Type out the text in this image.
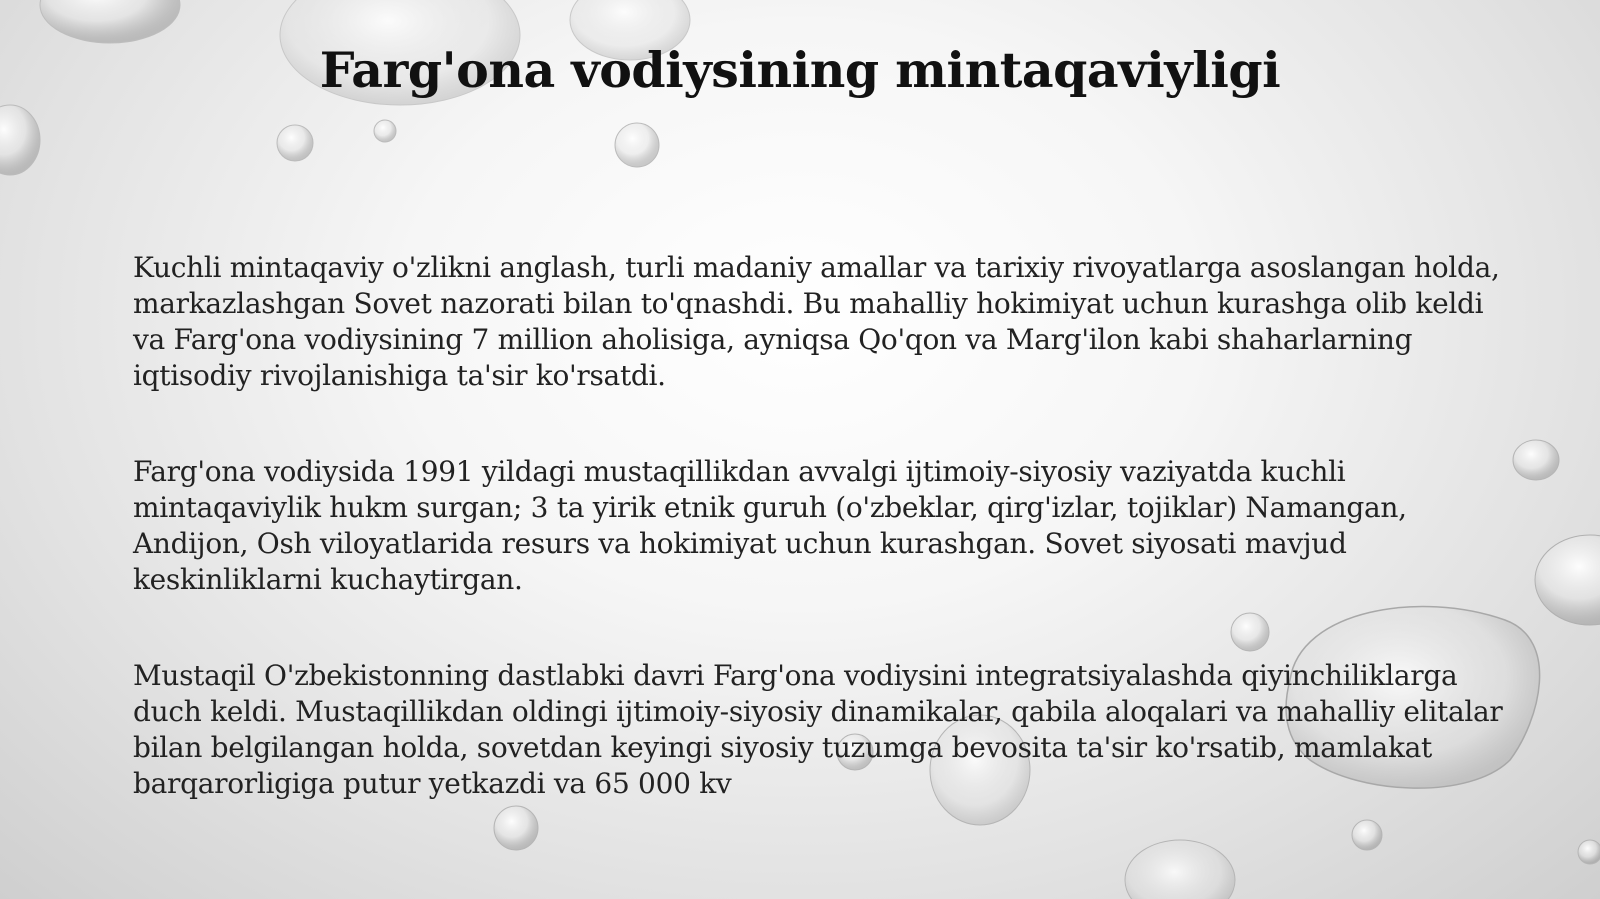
Farg'ona vodiysining mintaqaviyligi

Kuchli mintaqaviy o'zlikni anglash, turli madaniy amallar va tarixiy rivoyatlarga asoslangan holda, markazlashgan Sovet nazorati bilan to'qnashdi. Bu mahalliy hokimiyat uchun kurashga olib keldi va Farg'ona vodiysining 7 million aholisiga, ayniqsa Qo'qon va Marg'ilon kabi shaharlarning iqtisodiy rivojlanishiga ta'sir ko'rsatdi.

Farg'ona vodiysida 1991 yildagi mustaqillikdan avvalgi ijtimoiy-siyosiy vaziyatda kuchli mintaqaviylik hukm surgan; 3 ta yirik etnik guruh (o'zbeklar, qirg'izlar, tojiklar) Namangan, Andijon, Osh viloyatlarida resurs va hokimiyat uchun kurashgan. Sovet siyosati mavjud keskinliklarni kuchaytirgan.

Mustaqil O'zbekistonning dastlabki davri Farg'ona vodiysini integratsiyalashda qiyinchiliklarga duch keldi. Mustaqillikdan oldingi ijtimoiy-siyosiy dinamikalar, qabila aloqalari va mahalliy elitalar bilan belgilangan holda, sovetdan keyingi siyosiy tuzumga bevosita ta'sir ko'rsatib, mamlakat barqarorligiga putur yetkazdi va 65 000 kv
